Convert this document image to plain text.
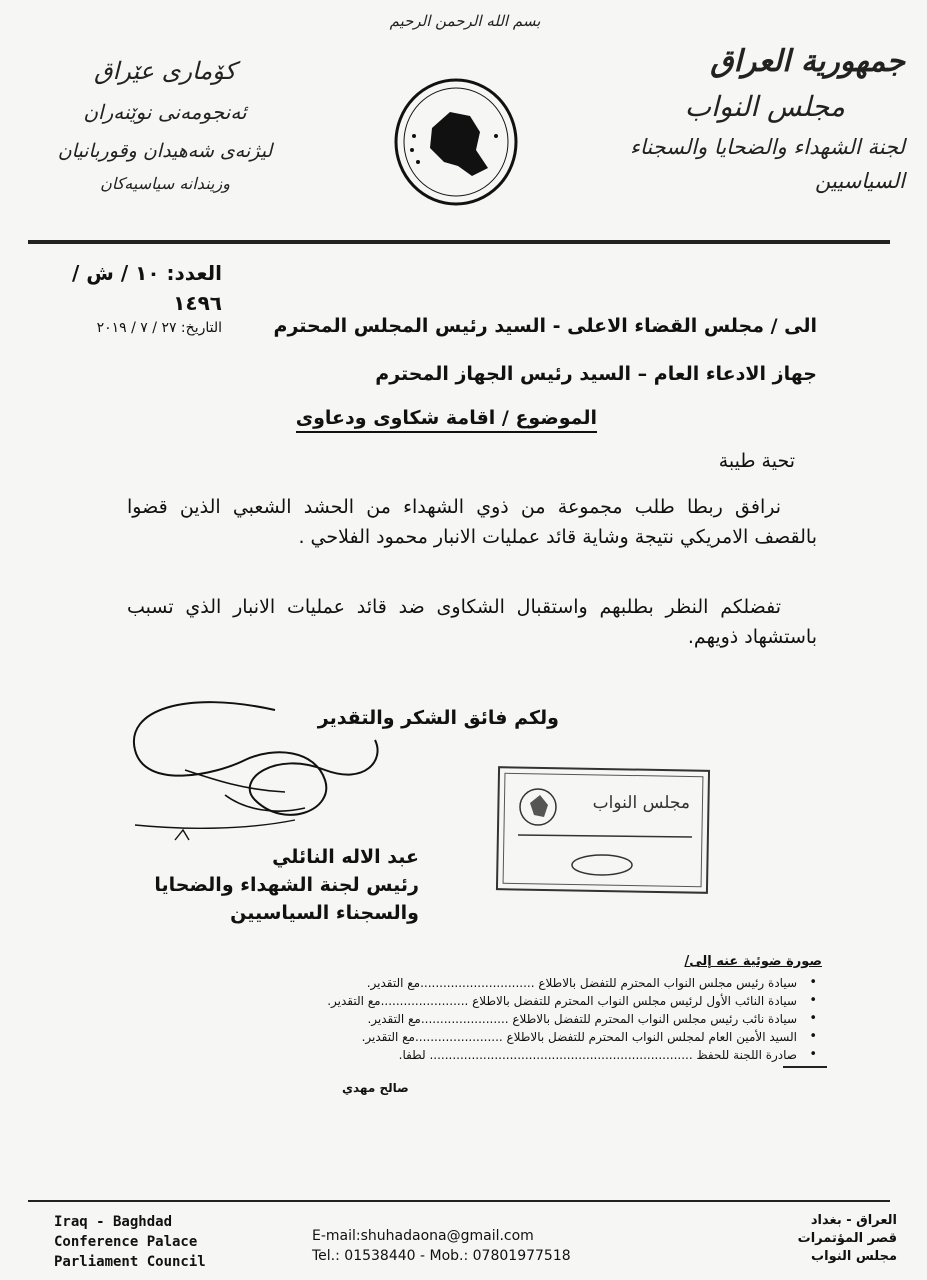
بسم الله الرحمن الرحيم
جمهورية العراق
مجلس النواب
لجنة الشهداء والضحايا والسجناء السياسيين
كۆماری عێراق
ئەنجومەنی نوێنەران
لیژنەی شەهیدان وقوربانیان
وزیندانە سیاسیەکان
العدد: ١٠ / ش / ١٤٩٦
التاريخ: ٢٧ / ٧ / ٢٠١٩	الى / مجلس القضاء الاعلى - السيد رئيس المجلس المحترم
جهاز الادعاء العام – السيد رئيس الجهاز المحترم
الموضوع / اقامة شكاوى ودعاوى
تحية طيبة
نرافق ربطا طلب مجموعة من ذوي الشهداء من الحشد الشعبي الذين قضوا بالقصف الامريكي نتيجة وشاية قائد عمليات الانبار محمود الفلاحي .
تفضلكم النظر بطلبهم واستقبال الشكاوى ضد قائد عمليات الانبار الذي تسبب باستشهاد ذويهم.
ولكم فائق الشكر والتقدير
مجلس النواب
عبد الاله النائلي
رئيس لجنة الشهداء والضحايا
والسجناء السياسيين
صورة ضوئية عنه إلى/
• سيادة رئيس مجلس النواب المحترم للتفضل بالاطلاع ..............................مع التقدير.
• سيادة النائب الأول لرئيس مجلس النواب المحترم للتفضل بالاطلاع .......................مع التقدير.
• سيادة نائب رئيس مجلس النواب المحترم للتفضل بالاطلاع .......................مع التقدير.
• السيد الأمين العام لمجلس النواب المحترم للتفضل بالاطلاع .......................مع التقدير.
• صادرة اللجنة للحفظ ..................................................................... لطفا.
صالح مهدي
Iraq - Baghdad
Conference Palace
Parliament Council
E-mail:shuhadaona@gmail.com
Tel.: 01538440 - Mob.: 07801977518
العراق - بغداد
قصر المؤتمرات
مجلس النواب
